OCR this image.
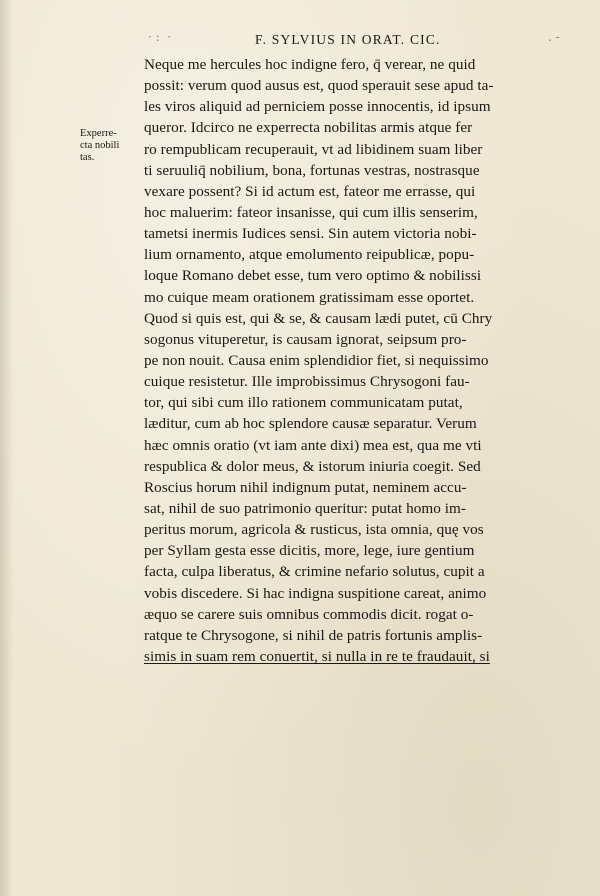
· :  ·	. -
F. SYLVIUS IN ORAT. CIC.
Experre-
cta nobili
tas.
Neque me hercules hoc indigne fero, q̄ verear, ne quid
possit: verum quod ausus est, quod sperauit sese apud ta-
les viros aliquid ad perniciem posse innocentis, id ipsum
queror. Idcirco ne experrecta nobilitas armis atque fer
ro rempublicam recuperauit, vt ad libidinem suam liber
ti seruuliq̄ nobilium, bona, fortunas vestras, nostrasque
vexare possent? Si id actum est, fateor me errasse, qui
hoc maluerim: fateor insanisse, qui cum illis senserim,
tametsi inermis Iudices sensi. Sin autem victoria nobi-
lium ornamento, atque emolumento reipublicæ, popu-
loque Romano debet esse, tum vero optimo & nobilissi
mo cuique meam orationem gratissimam esse oportet.
Quod si quis est, qui & se, & causam lædi putet, cū Chry
sogonus vituperetur, is causam ignorat, seipsum pro-
pe non nouit. Causa enim splendidior fiet, si nequissimo
cuique resistetur. Ille improbissimus Chrysogoni fau-
tor, qui sibi cum illo rationem communicatam putat,
læditur, cum ab hoc splendore causæ separatur. Verum
hæc omnis oratio (vt iam ante dixi) mea est, qua me vti
respublica & dolor meus, & istorum iniuria coegit. Sed
Roscius horum nihil indignum putat, neminem accu-
sat, nihil de suo patrimonio queritur: putat homo im-
peritus morum, agricola & rusticus, ista omnia, quę vos
per Syllam gesta esse dicitis, more, lege, iure gentium
facta, culpa liberatus, & crimine nefario solutus, cupit a
vobis discedere. Si hac indigna suspitione careat, animo
æquo se carere suis omnibus commodis dicit. rogat o-
ratque te Chrysogone, si nihil de patris fortunis amplis-
simis in suam rem conuertit, si nulla in re te fraudauit, si
